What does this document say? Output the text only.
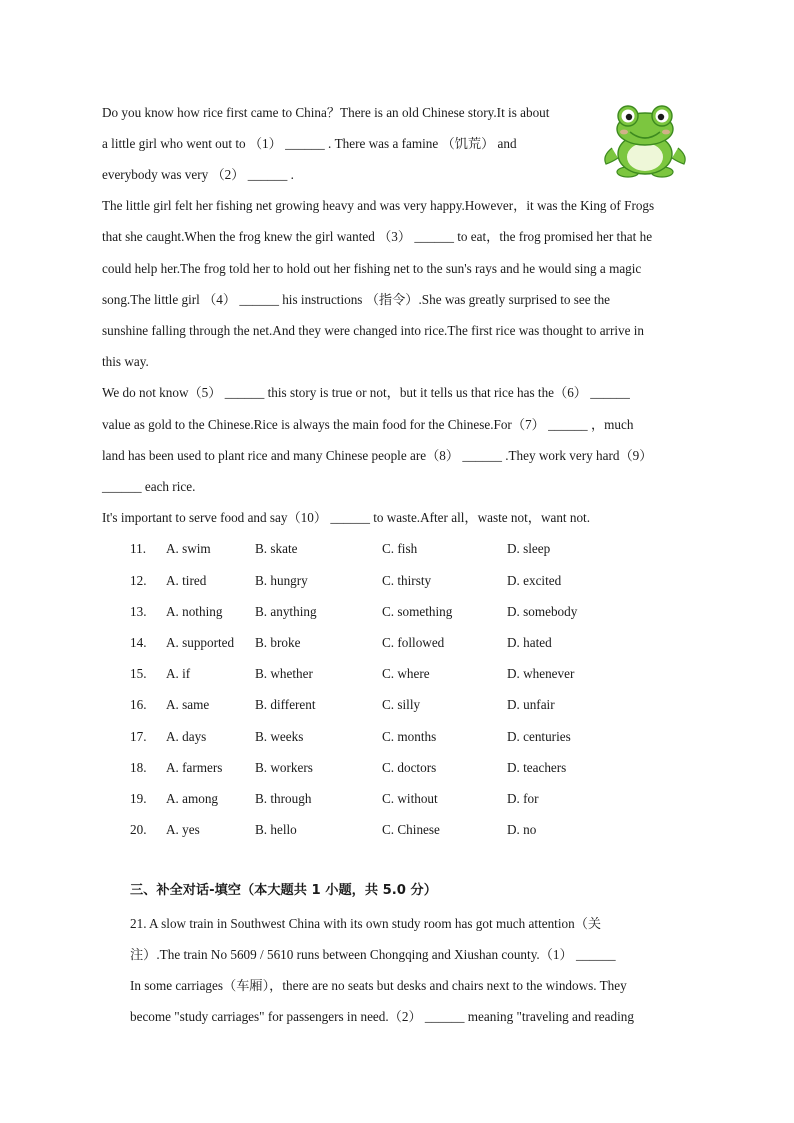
Do you know how rice first came to China？There is an old Chinese story.It is about
a little girl who went out to （1） ______ . There was a famine （饥荒） and
everybody was very （2） ______ .
The little girl felt her fishing net growing heavy and was very happy.However，it was the King of Frogs
that she caught.When the frog knew the girl wanted （3） ______ to eat，the frog promised her that he
could help her.The frog told her to hold out her fishing net to the sun's rays and he would sing a magic
song.The little girl （4） ______ his instructions （指令）.She was greatly surprised to see the
sunshine falling through the net.And they were changed into rice.The first rice was thought to arrive in
this way.
We do not know（5） ______ this story is true or not，but it tells us that rice has the（6） ______
value as gold to the Chinese.Rice is always the main food for the Chinese.For（7） ______ ，much
land has been used to plant rice and many Chinese people are（8） ______ .They work very hard（9）
______ each rice.
It's important to serve food and say（10） ______ to waste.After all，waste not，want not.
11. A. swim	B. skate	C. fish	D. sleep
12. A. tired	B. hungry	C. thirsty	D. excited
13. A. nothing B. anything	C. something	D. somebody
14. A. supported B. broke	C. followed	D. hated
15. A. if	B. whether	C. where	D. whenever
16. A. same	B. different	C. silly	D. unfair
17. A. days	B. weeks	C. months	D. centuries
18. A. farmers B. workers	C. doctors	D. teachers
19. A. among	B. through	C. without	D. for
20. A. yes	B. hello	C. Chinese	D. no
三、补全对话-填空（本大题共 1 小题，共 5.0 分）
21. A slow train in Southwest China with its own study room has got much attention（关
注）.The train No 5609 / 5610 runs between Chongqing and Xiushan county.（1） ______
In some carriages（车厢），there are no seats but desks and chairs next to the windows. They
become "study carriages" for passengers in need.（2） ______ meaning "traveling and reading
